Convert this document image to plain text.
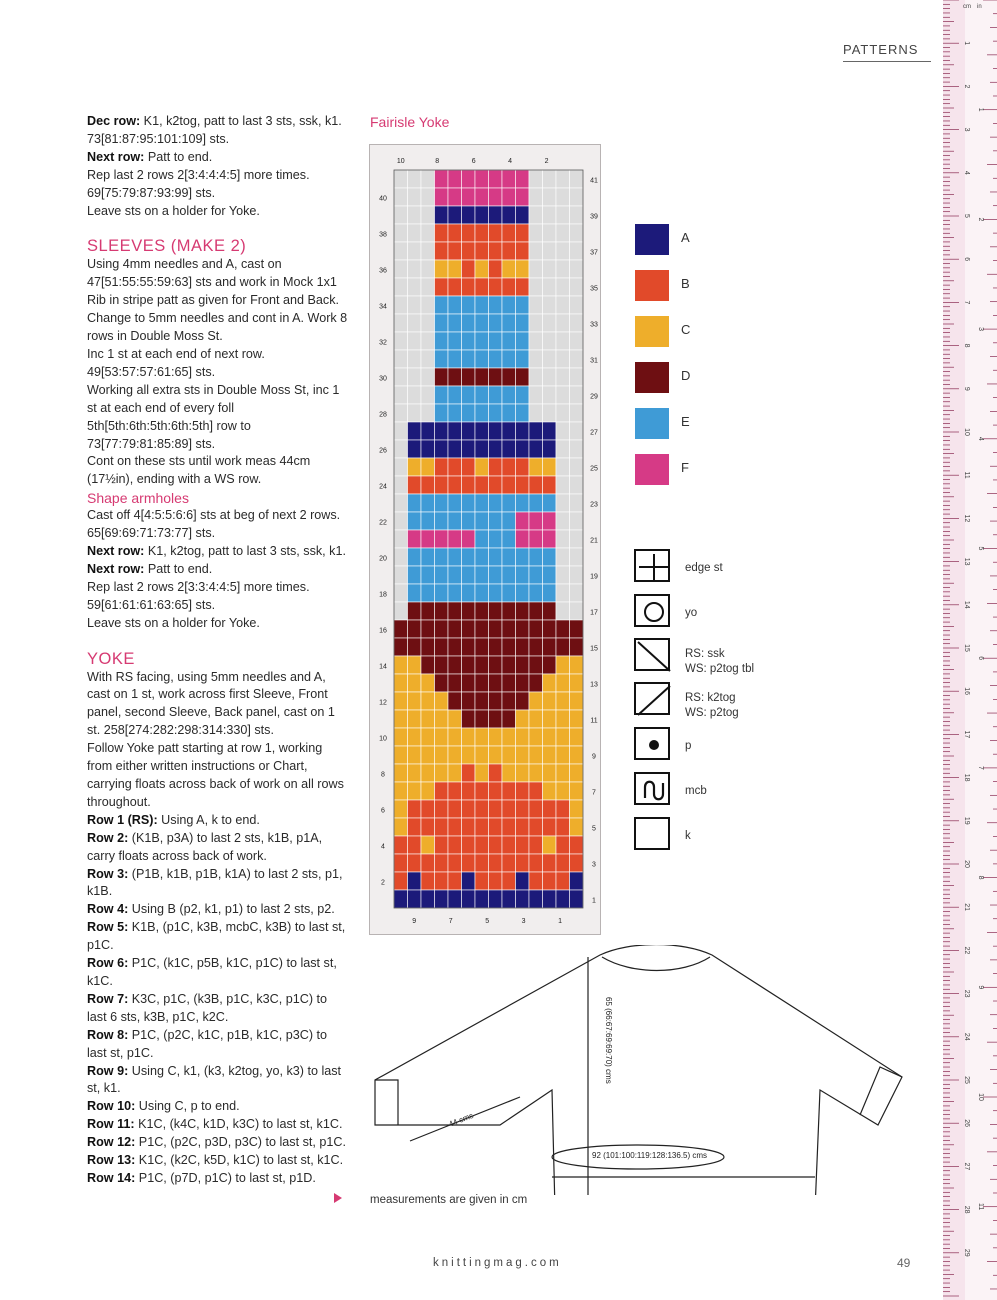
PATTERNS
Dec row: K1, k2tog, patt to last 3 sts, ssk, k1. 73[81:87:95:101:109] sts.
Next row: Patt to end.
Rep last 2 rows 2[3:4:4:4:5] more times. 69[75:79:87:93:99] sts.
Leave sts on a holder for Yoke.
SLEEVES (MAKE 2)
Using 4mm needles and A, cast on 47[51:55:55:59:63] sts and work in Mock 1x1 Rib in stripe patt as given for Front and Back.
Change to 5mm needles and cont in A. Work 8 rows in Double Moss St.
Inc 1 st at each end of next row. 49[53:57:57:61:65] sts.
Working all extra sts in Double Moss St, inc 1 st at each end of every foll 5th[5th:6th:5th:6th:5th] row to 73[77:79:81:85:89] sts.
Cont on these sts until work meas 44cm (17½in), ending with a WS row.
Shape armholes
Cast off 4[4:5:5:6:6] sts at beg of next 2 rows. 65[69:69:71:73:77] sts.
Next row: K1, k2tog, patt to last 3 sts, ssk, k1.
Next row: Patt to end.
Rep last 2 rows 2[3:3:4:4:5] more times. 59[61:61:61:63:65] sts.
Leave sts on a holder for Yoke.
YOKE
With RS facing, using 5mm needles and A, cast on 1 st, work across first Sleeve, Front panel, second Sleeve, Back panel, cast on 1 st. 258[274:282:298:314:330] sts.
Follow Yoke patt starting at row 1, working from either written instructions or Chart, carrying floats across back of work on all rows throughout.
Row 1 (RS): Using A, k to end.
Row 2: (K1B, p3A) to last 2 sts, k1B, p1A, carry floats across back of work.
Row 3: (P1B, k1B, p1B, k1A) to last 2 sts, p1, k1B.
Row 4: Using B (p2, k1, p1) to last 2 sts, p2.
Row 5: K1B, (p1C, k3B, mcbC, k3B) to last st, p1C.
Row 6: P1C, (k1C, p5B, k1C, p1C) to last st, k1C.
Row 7: K3C, p1C, (k3B, p1C, k3C, p1C) to last 6 sts, k3B, p1C, k2C.
Row 8: P1C, (p2C, k1C, p1B, k1C, p3C) to last st, p1C.
Row 9: Using C, k1, (k3, k2tog, yo, k3) to last st, k1.
Row 10: Using C, p to end.
Row 11: K1C, (k4C, k1D, k3C) to last st, k1C.
Row 12: P1C, (p2C, p3D, p3C) to last st, p1C.
Row 13: K1C, (k2C, k5D, k1C) to last st, k1C.
Row 14: P1C, (p7D, p1C) to last st, p1D.
Fairisle Yoke
10	8	6	4	2
9	7	5	3	1
41
39
37
35
33
31
29
27
25
23
21
19
17
15
13
11
9
7
5
3
1
40
38
36
34
32
30
28
26
24
22
20
18
16
14
12
10
8
6
4
2
A
B
C
D
E
F
edge st
yo
RS: ssk
WS: p2tog tbl
RS: k2tog
WS: p2tog
p
mcb
k
65 (66:67:69:69:70) cms
44 cms
92 (101:100:119:128:136.5) cms
measurements are given in cm
knittingmag.com	49
1
2
3
4
5
6
7
8
9
10
11
12
13
14
15
16
17
18
19
20
21
22
23
24
25
26
27
28
29
1
2
3
4
5
6
7
8
9
10
11
cm in
